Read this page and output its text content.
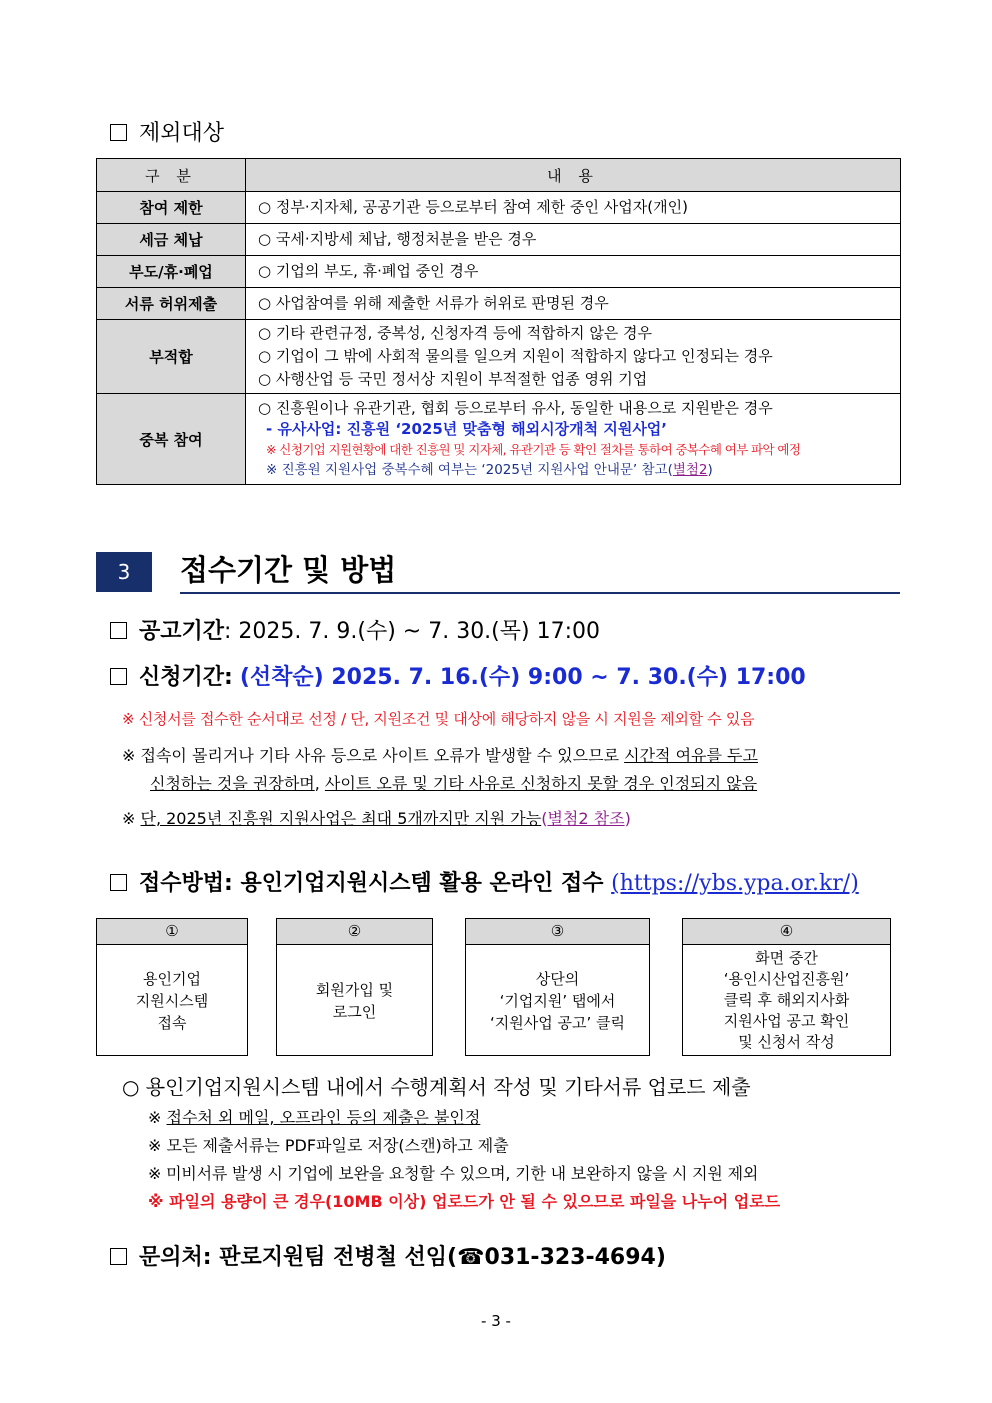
제외대상
구 분	내 용
참여 제한	○ 정부·지자체, 공공기관 등으로부터 참여 제한 중인 사업자(개인)
세금 체납	○ 국세·지방세 체납, 행정처분을 받은 경우
부도/휴·폐업	○ 기업의 부도, 휴·폐업 중인 경우
서류 허위제출	○ 사업참여를 위해 제출한 서류가 허위로 판명된 경우
부적합	○ 기타 관련규정, 중복성, 신청자격 등에 적합하지 않은 경우
○ 기업이 그 밖에 사회적 물의를 일으켜 지원이 적합하지 않다고 인정되는 경우
○ 사행산업 등 국민 정서상 지원이 부적절한 업종 영위 기업

중복 참여	○ 진흥원이나 유관기관, 협회 등으로부터 유사, 동일한 내용으로 지원받은 경우
- 유사사업: 진흥원 ‘2025년 맞춤형 해외시장개척 지원사업’
※ 신청기업 지원현황에 대한 진흥원 및 지자체, 유관기관 등 확인 절차를 통하여 중복수혜 여부 파악 예정
※ 진흥원 지원사업 중복수혜 여부는 ‘2025년 지원사업 안내문’ 참고(별첨2)
3	접수기간 및 방법
공고기간: 2025. 7. 9.(수) ~ 7. 30.(목) 17:00
신청기간: (선착순) 2025. 7. 16.(수) 9:00 ~ 7. 30.(수) 17:00
※ 신청서를 접수한 순서대로 선정 / 단, 지원조건 및 대상에 해당하지 않을 시 지원을 제외할 수 있음
※ 접속이 몰리거나 기타 사유 등으로 사이트 오류가 발생할 수 있으므로 시간적 여유를 두고
신청하는 것을 권장하며, 사이트 오류 및 기타 사유로 신청하지 못할 경우 인정되지 않음
※ 단, 2025년 진흥원 지원사업은 최대 5개까지만 지원 가능(별첨2 참조)
접수방법: 용인기업지원시스템 활용 온라인 접수 (https://ybs.ypa.or.kr/)
①
용인기업
지원시스템
접속
②
회원가입 및
로그인
③
상단의
‘기업지원’ 탭에서
‘지원사업 공고’ 클릭
④
화면 중간
‘용인시산업진흥원’
클릭 후 해외지사화
지원사업 공고 확인
및 신청서 작성
○ 용인기업지원시스템 내에서 수행계획서 작성 및 기타서류 업로드 제출
※ 접수처 외 메일, 오프라인 등의 제출은 불인정
※ 모든 제출서류는 PDF파일로 저장(스캔)하고 제출
※ 미비서류 발생 시 기업에 보완을 요청할 수 있으며, 기한 내 보완하지 않을 시 지원 제외
※ 파일의 용량이 큰 경우(10MB 이상) 업로드가 안 될 수 있으므로 파일을 나누어 업로드
문의처: 판로지원팀 전병철 선임(☎031-323-4694)
- 3 -
